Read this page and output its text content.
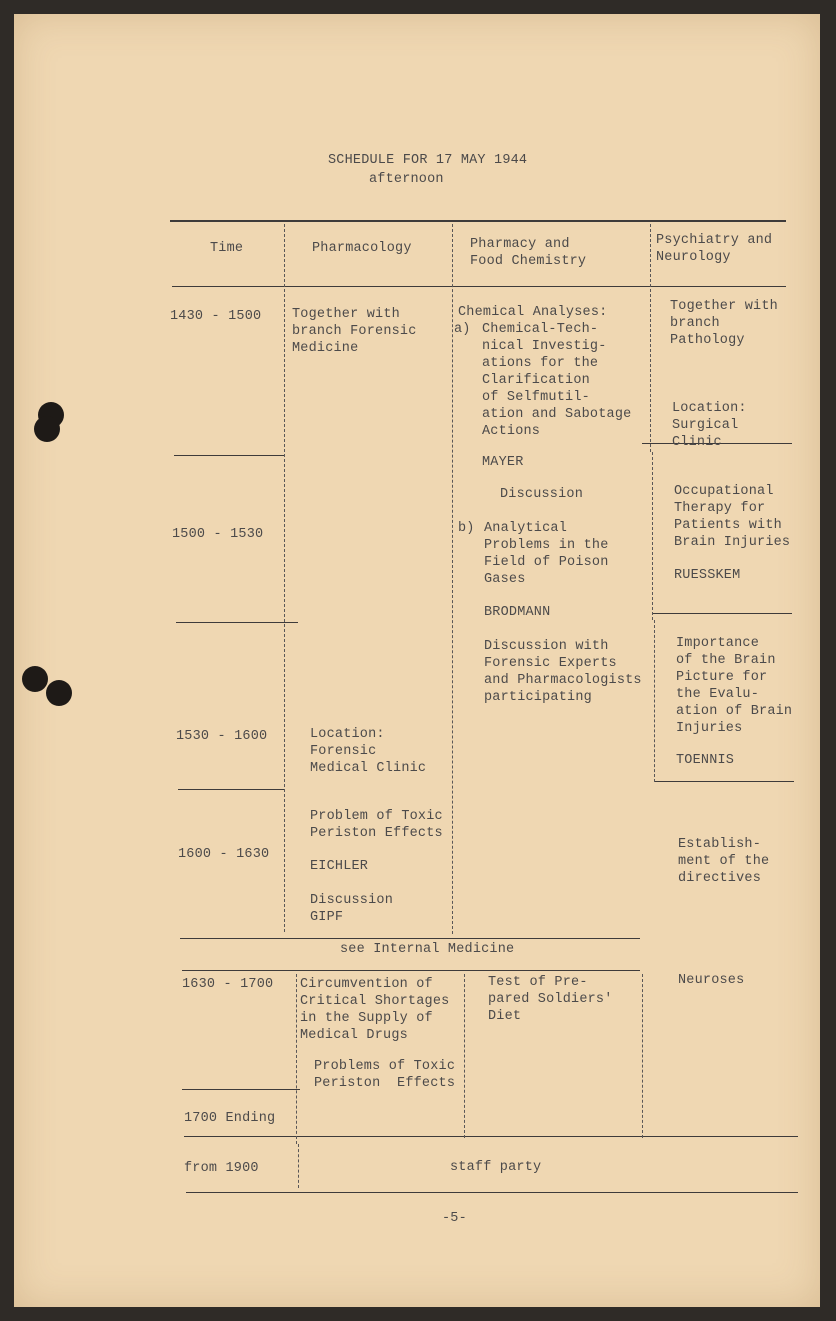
SCHEDULE FOR 17 MAY 1944
afternoon
Time	Pharmacology	Pharmacy and
Food Chemistry
Psychiatry and
Neurology
1430 - 1500
1500 - 1530
1530 - 1600
1600 - 1630
1630 - 1700
1700 Ending
from 1900
Together with
branch Forensic
Medicine
Location:
Forensic
Medical Clinic
Problem of Toxic
Periston Effects
EICHLER
Discussion
GIPF
Circumvention of
Critical Shortages
in the Supply of
Medical Drugs
Problems of Toxic
Periston  Effects
Chemical Analyses:
a) Chemical-Tech-
nical Investig-
ations for the
Clarification
of Selfmutil-
ation and Sabotage
Actions
MAYER
Discussion
b) Analytical
Problems in the
Field of Poison
Gases
BRODMANN
Discussion with
Forensic Experts
and Pharmacologists
participating
Test of Pre-
pared Soldiers'
Diet
Together with
branch
Pathology
Location:
Surgical
Clinic
Occupational
Therapy for
Patients with
Brain Injuries
RUESSKEM
Importance
of the Brain
Picture for
the Evalu-
ation of Brain
Injuries
TOENNIS
Establish-
ment of the
directives
Neuroses
see Internal Medicine
staff party
-5-
